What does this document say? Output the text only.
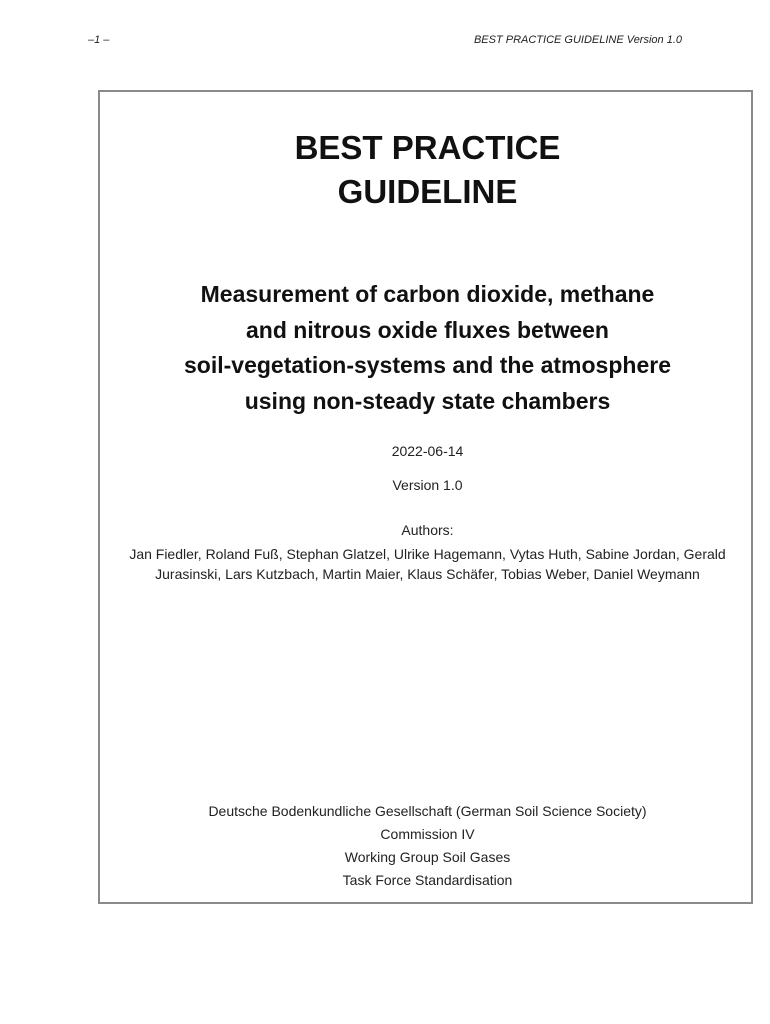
–1 –	BEST PRACTICE GUIDELINE Version 1.0
BEST PRACTICE
GUIDELINE
Measurement of carbon dioxide, methane
and nitrous oxide fluxes between
soil-vegetation-systems and the atmosphere
using non-steady state chambers
2022-06-14
Version 1.0
Authors:
Jan Fiedler, Roland Fuß, Stephan Glatzel, Ulrike Hagemann, Vytas Huth, Sabine Jordan, Gerald Jurasinski, Lars Kutzbach, Martin Maier, Klaus Schäfer, Tobias Weber, Daniel Weymann
Deutsche Bodenkundliche Gesellschaft (German Soil Science Society)
Commission IV
Working Group Soil Gases
Task Force Standardisation
